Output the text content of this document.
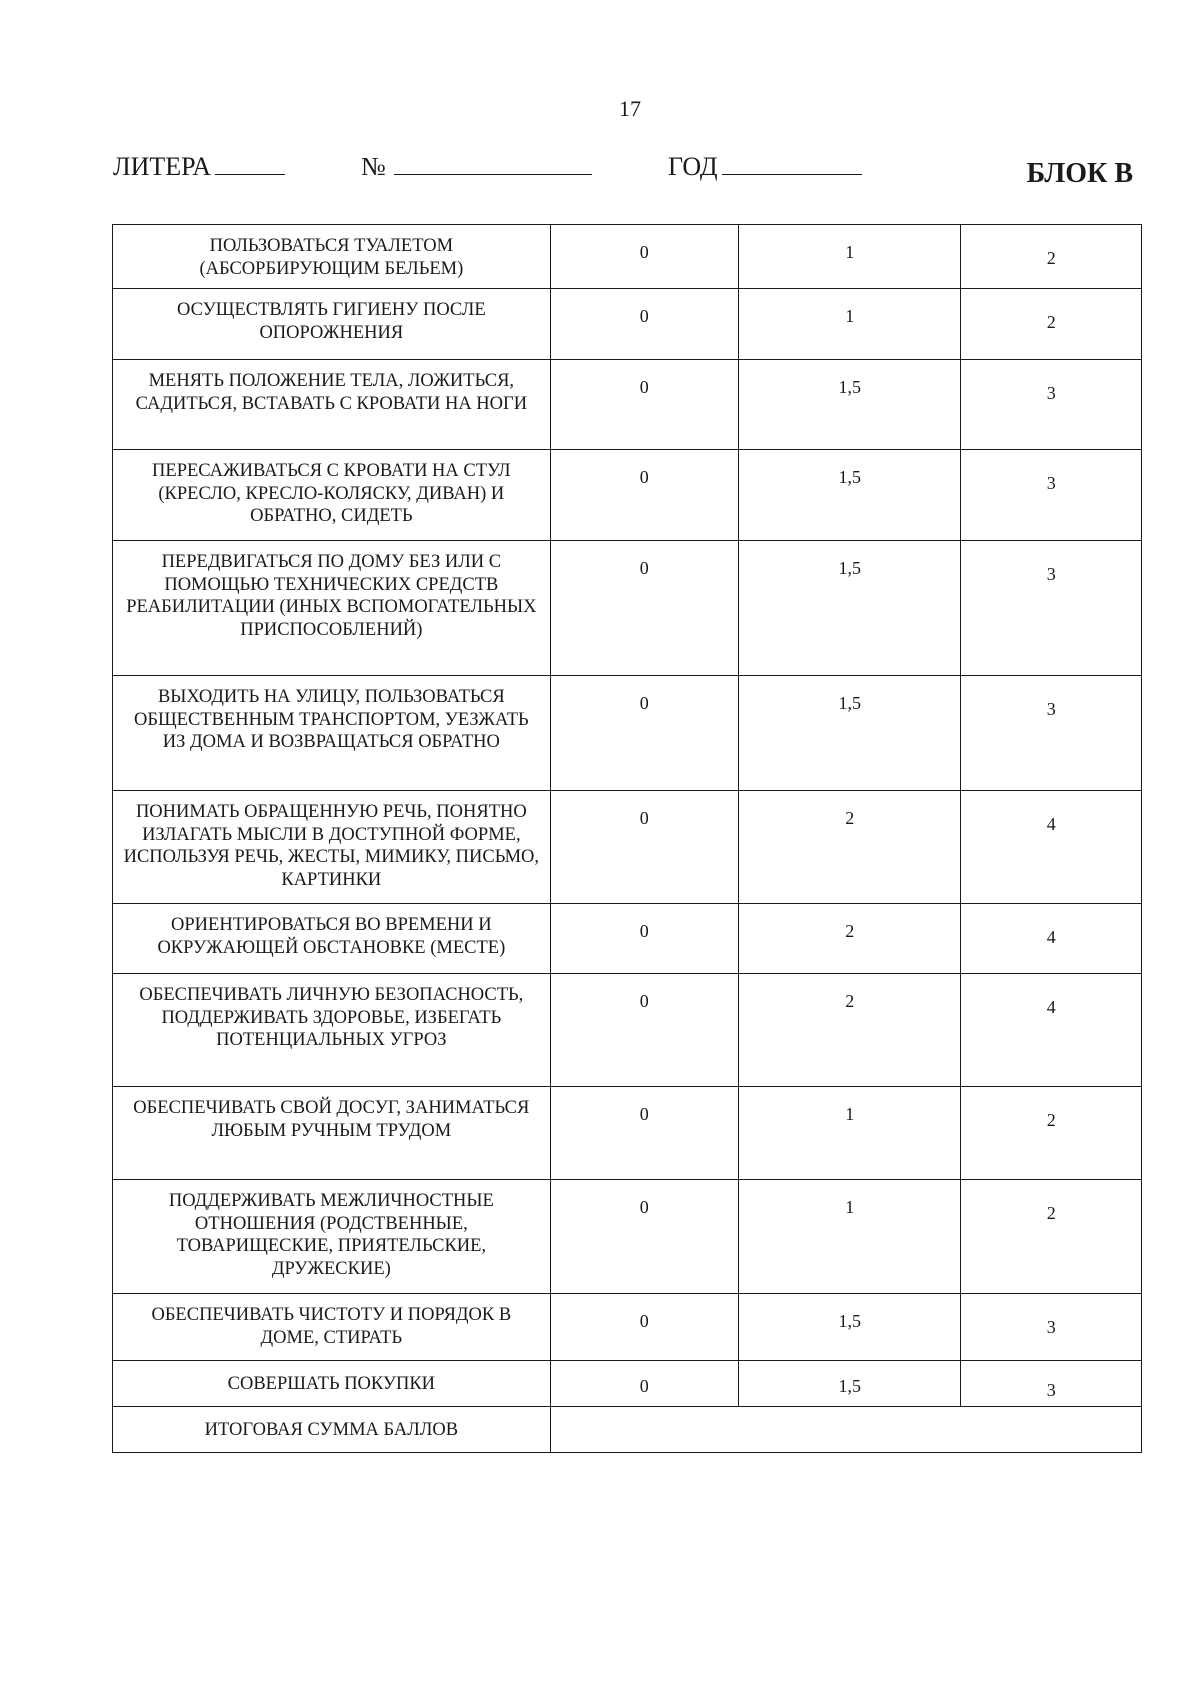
17
ЛИТЕРА	№	ГОД	БЛОК В
ПОЛЬЗОВАТЬСЯ ТУАЛЕТОМ (АБСОРБИРУЮЩИМ БЕЛЬЕМ)	0	1	2
ОСУЩЕСТВЛЯТЬ ГИГИЕНУ ПОСЛЕ ОПОРОЖНЕНИЯ	0	1	2
МЕНЯТЬ ПОЛОЖЕНИЕ ТЕЛА, ЛОЖИТЬСЯ, САДИТЬСЯ, ВСТАВАТЬ С КРОВАТИ НА НОГИ	0	1,5	3
ПЕРЕСАЖИВАТЬСЯ С КРОВАТИ НА СТУЛ (КРЕСЛО, КРЕСЛО-КОЛЯСКУ, ДИВАН) И ОБРАТНО, СИДЕТЬ	0	1,5	3
ПЕРЕДВИГАТЬСЯ ПО ДОМУ БЕЗ ИЛИ С ПОМОЩЬЮ ТЕХНИЧЕСКИХ СРЕДСТВ РЕАБИЛИТАЦИИ (ИНЫХ ВСПОМОГАТЕЛЬНЫХ ПРИСПОСОБЛЕНИЙ)	0	1,5	3
ВЫХОДИТЬ НА УЛИЦУ, ПОЛЬЗОВАТЬСЯ ОБЩЕСТВЕННЫМ ТРАНСПОРТОМ, УЕЗЖАТЬ ИЗ ДОМА И ВОЗВРАЩАТЬСЯ ОБРАТНО	0	1,5	3
ПОНИМАТЬ ОБРАЩЕННУЮ РЕЧЬ, ПОНЯТНО ИЗЛАГАТЬ МЫСЛИ В ДОСТУПНОЙ ФОРМЕ, ИСПОЛЬЗУЯ РЕЧЬ, ЖЕСТЫ, МИМИКУ, ПИСЬМО, КАРТИНКИ	0	2	4
ОРИЕНТИРОВАТЬСЯ ВО ВРЕМЕНИ И ОКРУЖАЮЩЕЙ ОБСТАНОВКЕ (МЕСТЕ)	0	2	4
ОБЕСПЕЧИВАТЬ ЛИЧНУЮ БЕЗОПАСНОСТЬ, ПОДДЕРЖИВАТЬ ЗДОРОВЬЕ, ИЗБЕГАТЬ ПОТЕНЦИАЛЬНЫХ УГРОЗ	0	2	4
ОБЕСПЕЧИВАТЬ СВОЙ ДОСУГ, ЗАНИМАТЬСЯ ЛЮБЫМ РУЧНЫМ ТРУДОМ	0	1	2
ПОДДЕРЖИВАТЬ МЕЖЛИЧНОСТНЫЕ ОТНОШЕНИЯ (РОДСТВЕННЫЕ, ТОВАРИЩЕСКИЕ, ПРИЯТЕЛЬСКИЕ, ДРУЖЕСКИЕ)	0	1	2
ОБЕСПЕЧИВАТЬ ЧИСТОТУ И ПОРЯДОК В ДОМЕ, СТИРАТЬ	0	1,5	3
СОВЕРШАТЬ ПОКУПКИ	0	1,5	3
ИТОГОВАЯ СУММА БАЛЛОВ			
